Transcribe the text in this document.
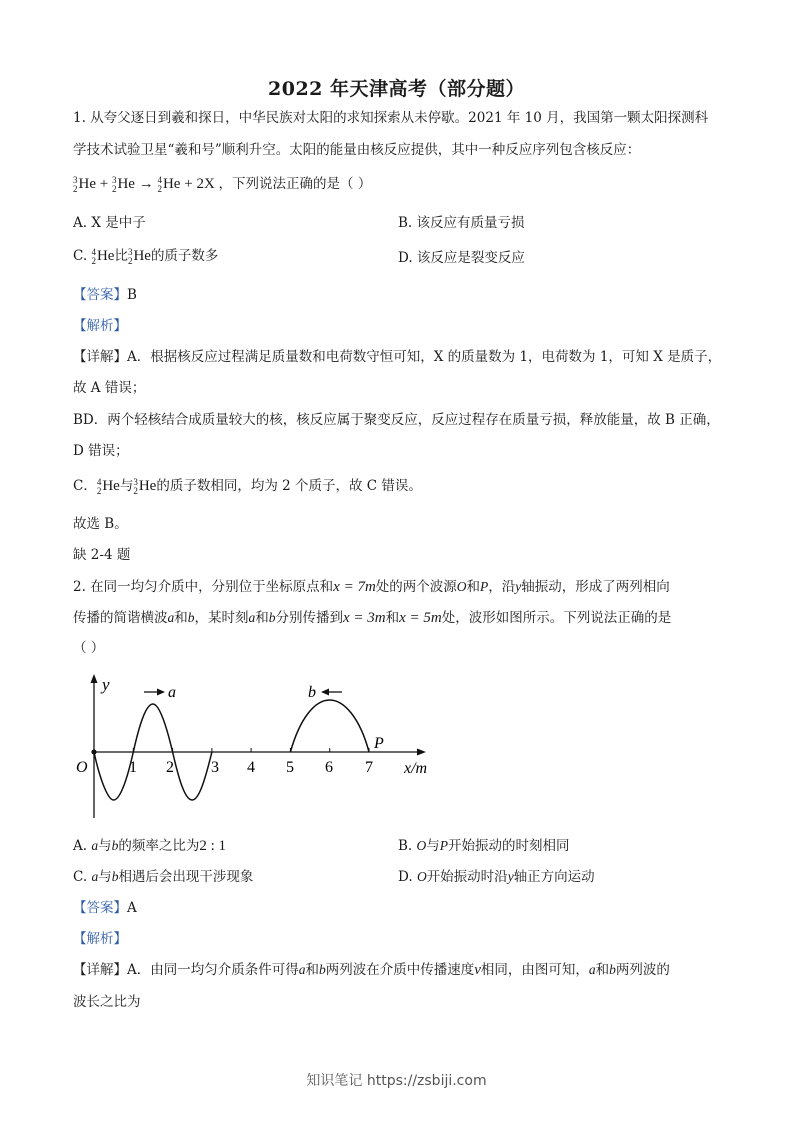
2022 年天津高考（部分题）
1. 从夸父逐日到羲和探日，中华民族对太阳的求知探索从未停歇。2021 年 10 月，我国第一颗太阳探测科
学技术试验卫星“羲和号”顺利升空。太阳的能量由核反应提供，其中一种反应序列包含核反应：
3
2 He + 3
2 He → 4
2 He + 2X ，下列说法正确的是（ ）
A. X 是中子	B. 该反应有质量亏损
C. 4
2 He比 3
2 He的质子数多	D. 该反应是裂变反应
【答案】B
【解析】
【详解】A．根据核反应过程满足质量数和电荷数守恒可知，X 的质量数为 1，电荷数为 1，可知 X 是质子，
故 A 错误；
BD．两个轻核结合成质量较大的核，核反应属于聚变反应，反应过程存在质量亏损，释放能量，故 B 正确，
D 错误；
C． 4
2 He与 3
2 He的质子数相同，均为 2 个质子，故 C 错误。
故选 B。
缺 2-4 题
2. 在同一均匀介质中，分别位于坐标原点和x = 7m处的两个波源O和P，沿y轴振动，形成了两列相向
传播的简谐横波a和b，某时刻a和b分别传播到x = 3m和x = 5m处，波形如图所示。下列说法正确的是
（ ）
y
x/m
O
a	b
P
1 2 3 4 5 6 7
A. a与b的频率之比为2 : 1	B. O与P开始振动的时刻相同
C. a与b相遇后会出现干涉现象	D. O开始振动时沿y轴正方向运动
【答案】A
【解析】
【详解】A．由同一均匀介质条件可得a和b两列波在介质中传播速度v相同，由图可知，a和b两列波的
波长之比为
知识笔记 https://zsbiji.com
